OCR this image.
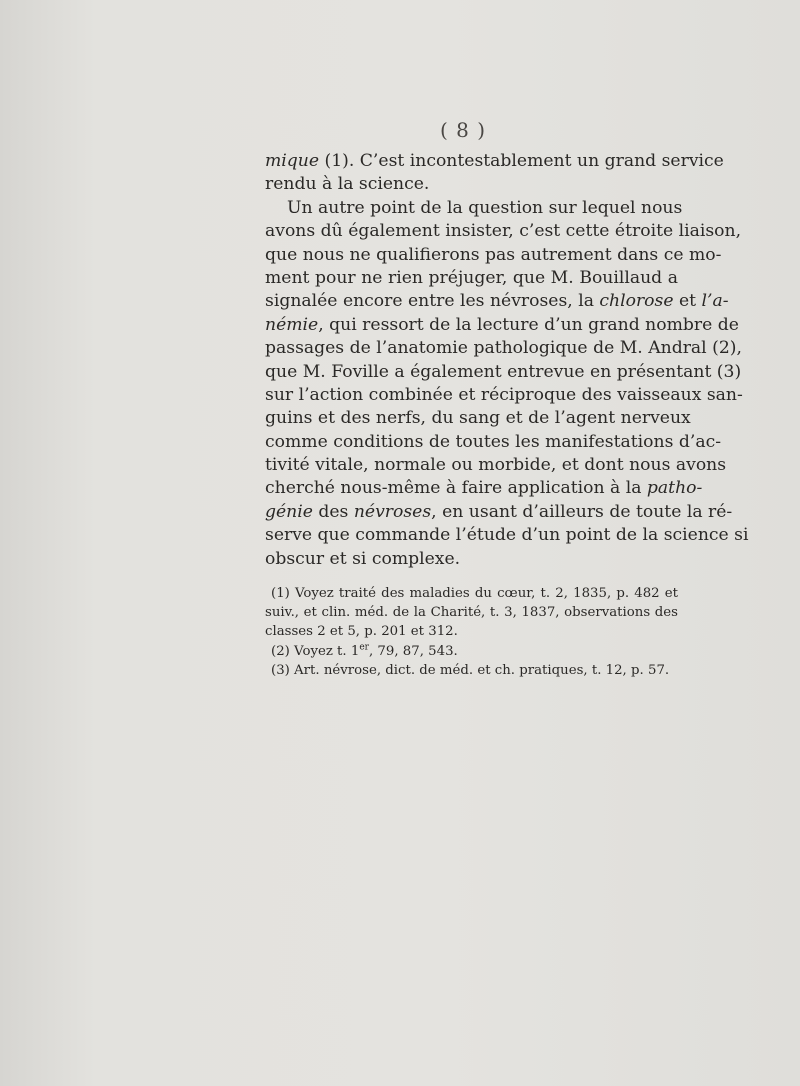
( 8 )
mique (1). C’est incontestablement un grand service
rendu à la science.
Un autre point de la question sur lequel nous
avons dû également insister, c’est cette étroite liaison,
que nous ne qualifierons pas autrement dans ce mo-
ment pour ne rien préjuger, que M. Bouillaud a
signalée encore entre les névroses, la chlorose et l’a-
némie, qui ressort de la lecture d’un grand nombre de
passages de l’anatomie pathologique de M. Andral (2),
que M. Foville a également entrevue en présentant (3)
sur l’action combinée et réciproque des vaisseaux san-
guins et des nerfs, du sang et de l’agent nerveux
comme conditions de toutes les manifestations d’ac-
tivité vitale, normale ou morbide, et dont nous avons
cherché nous-même à faire application à la patho-
génie des névroses, en usant d’ailleurs de toute la ré-
serve que commande l’étude d’un point de la science si
obscur et si complexe.
(1) Voyez traité des maladies du cœur, t. 2, 1835, p. 482 et
suiv., et clin. méd. de la Charité, t. 3, 1837, observations des
classes 2 et 5, p. 201 et 312.
(2) Voyez t. 1er, 79, 87, 543.
(3) Art. névrose, dict. de méd. et ch. pratiques, t. 12, p. 57.
